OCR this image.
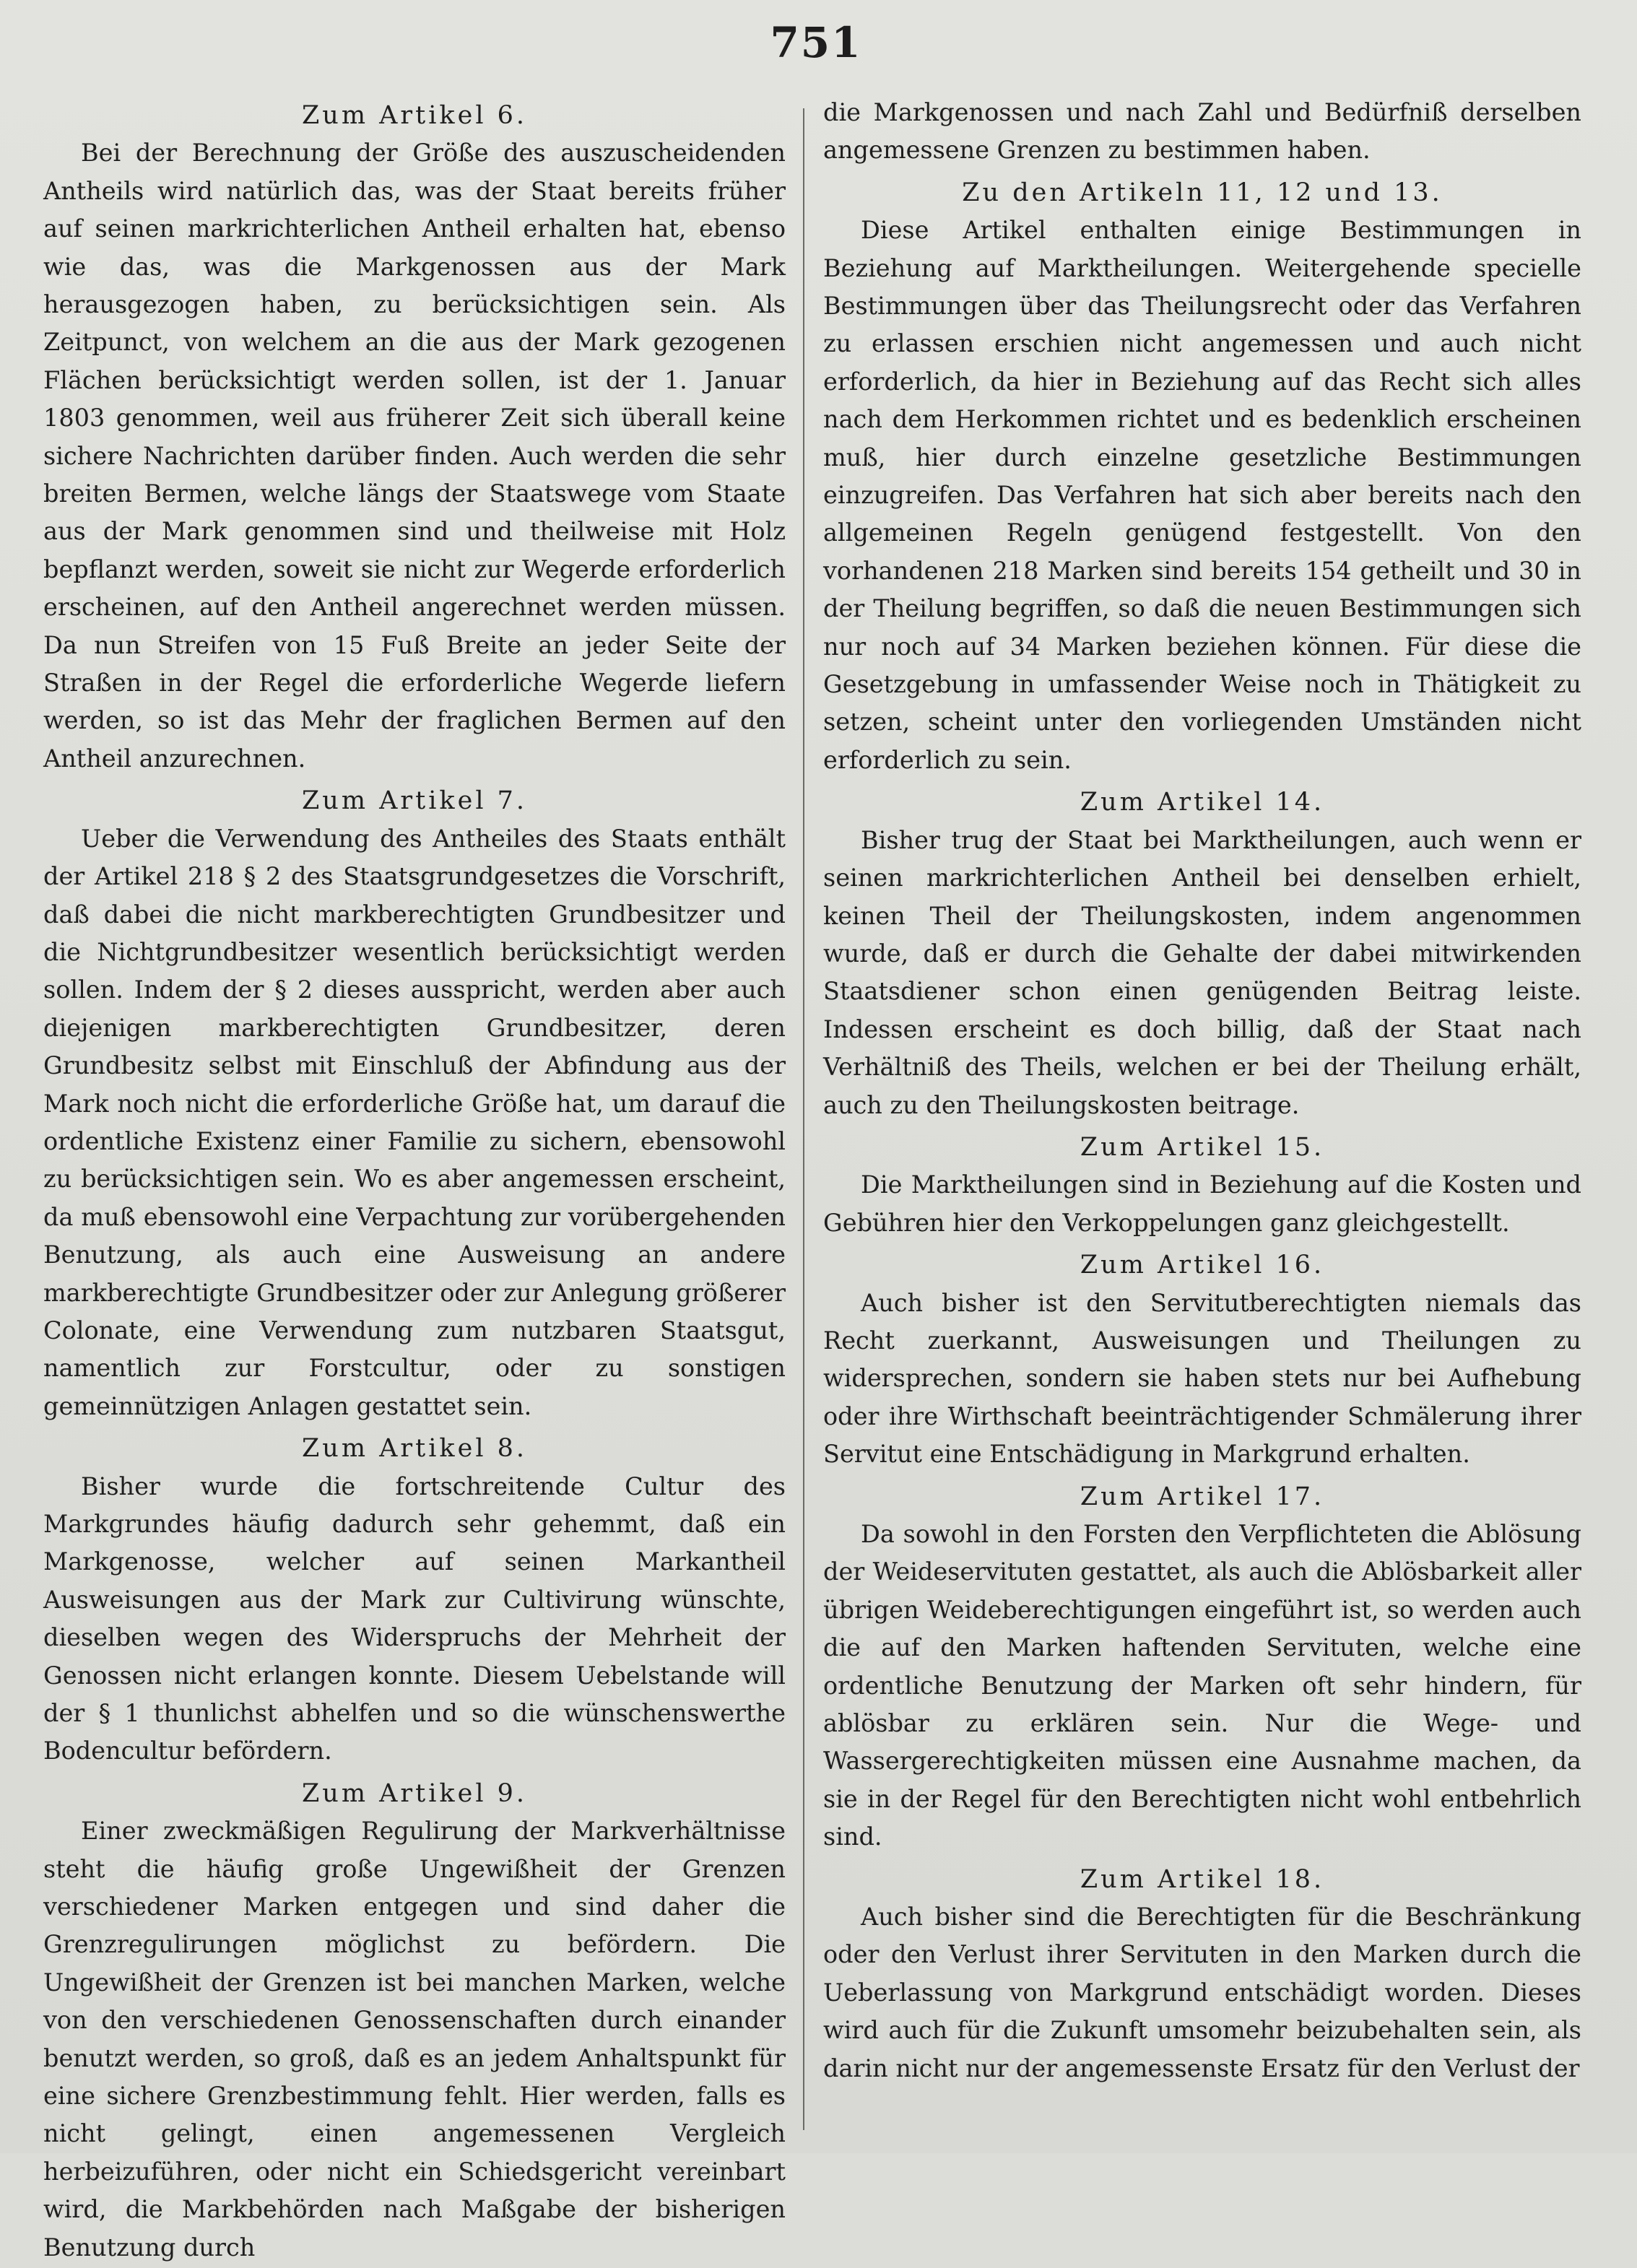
751
Zum Artikel 6.

Bei der Berechnung der Größe des auszuscheidenden Antheils wird natürlich das, was der Staat bereits früher auf seinen markrichterlichen Antheil erhalten hat, ebenso wie das, was die Markgenossen aus der Mark herausgezogen haben, zu berücksichtigen sein. Als Zeitpunct, von welchem an die aus der Mark gezogenen Flächen berücksichtigt werden sollen, ist der 1. Januar 1803 genommen, weil aus früherer Zeit sich überall keine sichere Nachrichten darüber finden. Auch werden die sehr breiten Bermen, welche längs der Staatswege vom Staate aus der Mark genommen sind und theilweise mit Holz bepflanzt werden, soweit sie nicht zur Wegerde erforderlich erscheinen, auf den Antheil angerechnet werden müssen. Da nun Streifen von 15 Fuß Breite an jeder Seite der Straßen in der Regel die erforderliche Wegerde liefern werden, so ist das Mehr der fraglichen Bermen auf den Antheil anzurechnen.

Zum Artikel 7.

Ueber die Verwendung des Antheiles des Staats enthält der Artikel 218 § 2 des Staatsgrundgesetzes die Vorschrift, daß dabei die nicht markberechtigten Grundbesitzer und die Nichtgrundbesitzer wesentlich berücksichtigt werden sollen. Indem der § 2 dieses ausspricht, werden aber auch diejenigen markberechtigten Grundbesitzer, deren Grundbesitz selbst mit Einschluß der Abfindung aus der Mark noch nicht die erforderliche Größe hat, um darauf die ordentliche Existenz einer Familie zu sichern, ebensowohl zu berücksichtigen sein. Wo es aber angemessen erscheint, da muß ebensowohl eine Verpachtung zur vorübergehenden Benutzung, als auch eine Ausweisung an andere markberechtigte Grundbesitzer oder zur Anlegung größerer Colonate, eine Verwendung zum nutzbaren Staatsgut, namentlich zur Forstcultur, oder zu sonstigen gemeinnützigen Anlagen gestattet sein.

Zum Artikel 8.

Bisher wurde die fortschreitende Cultur des Markgrundes häufig dadurch sehr gehemmt, daß ein Markgenosse, welcher auf seinen Markantheil Ausweisungen aus der Mark zur Cultivirung wünschte, dieselben wegen des Widerspruchs der Mehrheit der Genossen nicht erlangen konnte. Diesem Uebelstande will der § 1 thunlichst abhelfen und so die wünschenswerthe Bodencultur befördern.

Zum Artikel 9.

Einer zweckmäßigen Regulirung der Markverhältnisse steht die häufig große Ungewißheit der Grenzen verschiedener Marken entgegen und sind daher die Grenzregulirungen möglichst zu befördern. Die Ungewißheit der Grenzen ist bei manchen Marken, welche von den verschiedenen Genossenschaften durch einander benutzt werden, so groß, daß es an jedem Anhaltspunkt für eine sichere Grenzbestimmung fehlt. Hier werden, falls es nicht gelingt, einen angemessenen Vergleich herbeizuführen, oder nicht ein Schiedsgericht vereinbart wird, die Markbehörden nach Maßgabe der bisherigen Benutzung durch

die Markgenossen und nach Zahl und Bedürfniß derselben angemessene Grenzen zu bestimmen haben.

Zu den Artikeln 11, 12 und 13.

Diese Artikel enthalten einige Bestimmungen in Beziehung auf Marktheilungen. Weitergehende specielle Bestimmungen über das Theilungsrecht oder das Verfahren zu erlassen erschien nicht angemessen und auch nicht erforderlich, da hier in Beziehung auf das Recht sich alles nach dem Herkommen richtet und es bedenklich erscheinen muß, hier durch einzelne gesetzliche Bestimmungen einzugreifen. Das Verfahren hat sich aber bereits nach den allgemeinen Regeln genügend festgestellt. Von den vorhandenen 218 Marken sind bereits 154 getheilt und 30 in der Theilung begriffen, so daß die neuen Bestimmungen sich nur noch auf 34 Marken beziehen können. Für diese die Gesetzgebung in umfassender Weise noch in Thätigkeit zu setzen, scheint unter den vorliegenden Umständen nicht erforderlich zu sein.

Zum Artikel 14.

Bisher trug der Staat bei Marktheilungen, auch wenn er seinen markrichterlichen Antheil bei denselben erhielt, keinen Theil der Theilungskosten, indem angenommen wurde, daß er durch die Gehalte der dabei mitwirkenden Staatsdiener schon einen genügenden Beitrag leiste. Indessen erscheint es doch billig, daß der Staat nach Verhältniß des Theils, welchen er bei der Theilung erhält, auch zu den Theilungskosten beitrage.

Zum Artikel 15.

Die Marktheilungen sind in Beziehung auf die Kosten und Gebühren hier den Verkoppelungen ganz gleichgestellt.

Zum Artikel 16.

Auch bisher ist den Servitutberechtigten niemals das Recht zuerkannt, Ausweisungen und Theilungen zu widersprechen, sondern sie haben stets nur bei Aufhebung oder ihre Wirthschaft beeinträchtigender Schmälerung ihrer Servitut eine Entschädigung in Markgrund erhalten.

Zum Artikel 17.

Da sowohl in den Forsten den Verpflichteten die Ablösung der Weideservituten gestattet, als auch die Ablösbarkeit aller übrigen Weideberechtigungen eingeführt ist, so werden auch die auf den Marken haftenden Servituten, welche eine ordentliche Benutzung der Marken oft sehr hindern, für ablösbar zu erklären sein. Nur die Wege- und Wassergerechtigkeiten müssen eine Ausnahme machen, da sie in der Regel für den Berechtigten nicht wohl entbehrlich sind.

Zum Artikel 18.

Auch bisher sind die Berechtigten für die Beschränkung oder den Verlust ihrer Servituten in den Marken durch die Ueberlassung von Markgrund entschädigt worden. Dieses wird auch für die Zukunft umsomehr beizubehalten sein, als darin nicht nur der angemessenste Ersatz für den Verlust der
